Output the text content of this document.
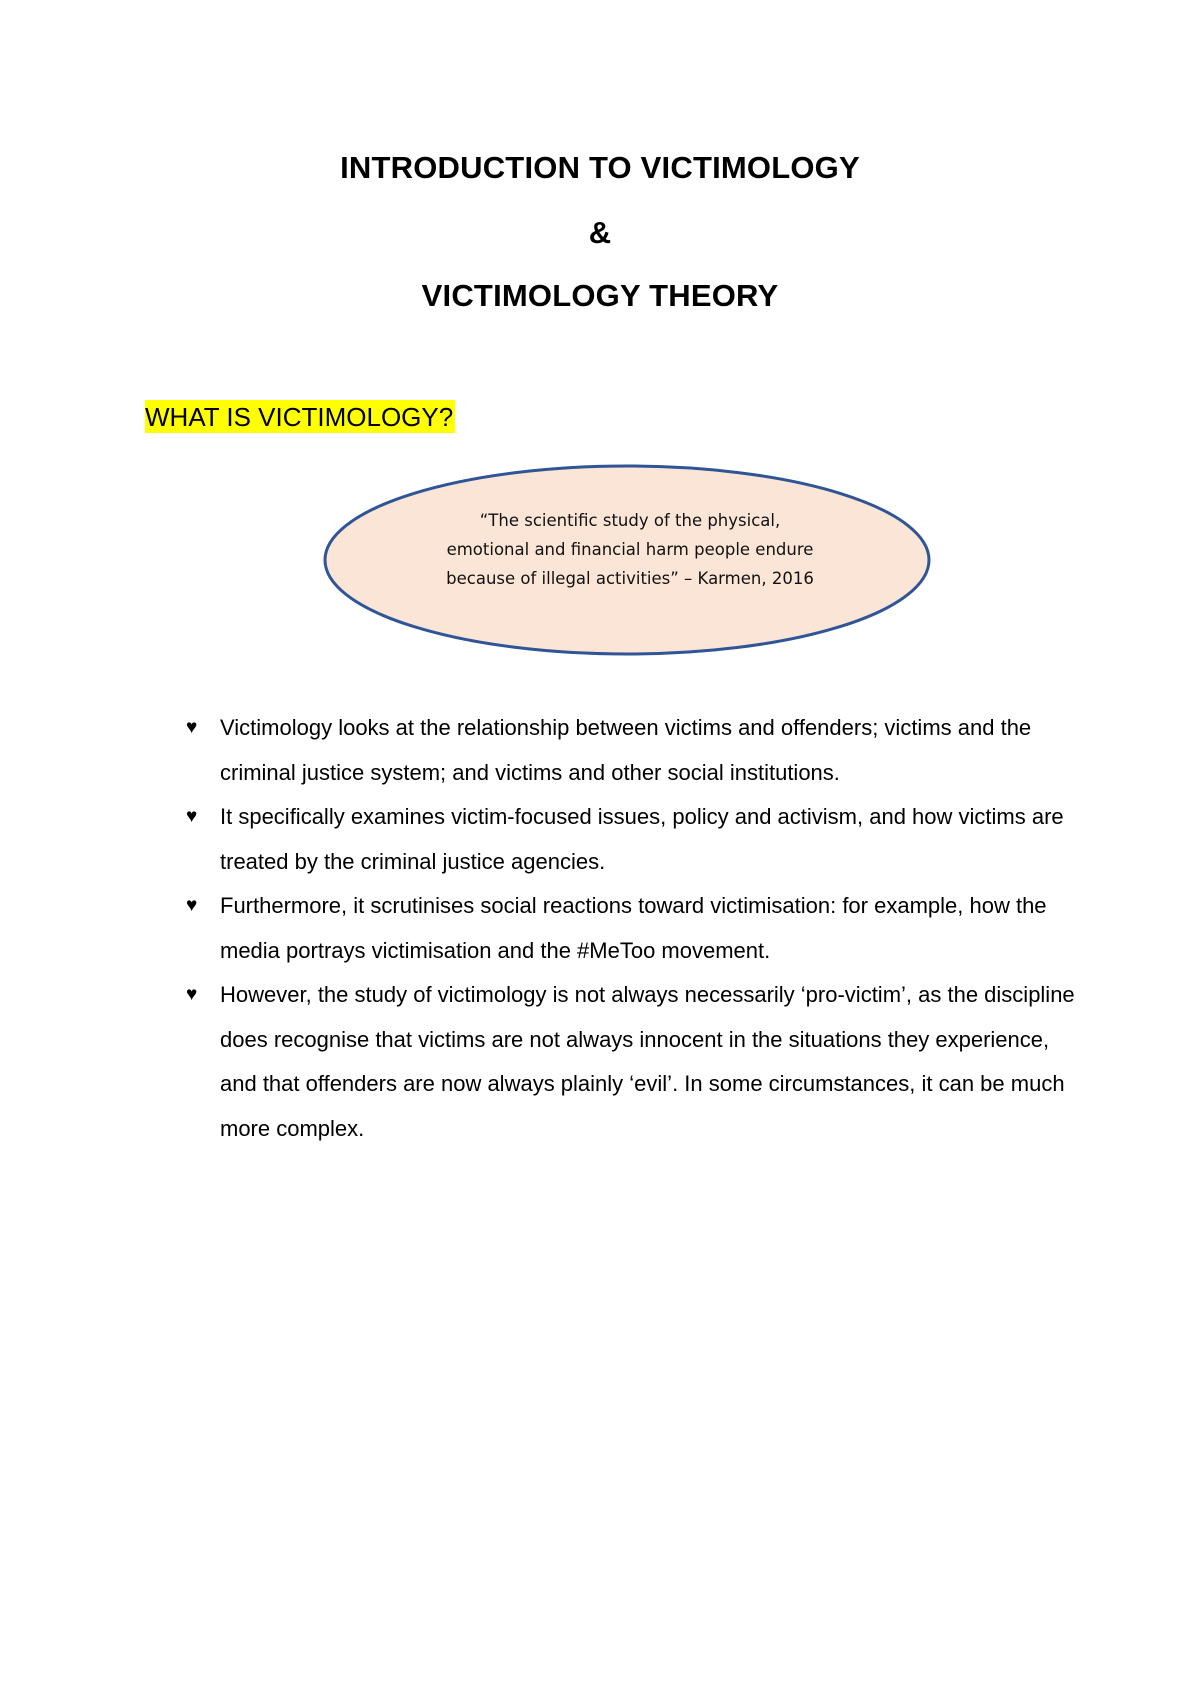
INTRODUCTION TO VICTIMOLOGY
&
VICTIMOLOGY THEORY
WHAT IS VICTIMOLOGY?

“The scientific study of the physical, emotional and financial harm people endure because of illegal activities” – Karmen, 2016

♥ Victimology looks at the relationship between victims and offenders; victims and the criminal justice system; and victims and other social institutions.
♥ It specifically examines victim-focused issues, policy and activism, and how victims are treated by the criminal justice agencies.
♥ Furthermore, it scrutinises social reactions toward victimisation: for example, how the media portrays victimisation and the #MeToo movement.
♥ However, the study of victimology is not always necessarily ‘pro-victim’, as the discipline does recognise that victims are not always innocent in the situations they experience, and that offenders are now always plainly ‘evil’. In some circumstances, it can be much more complex.
